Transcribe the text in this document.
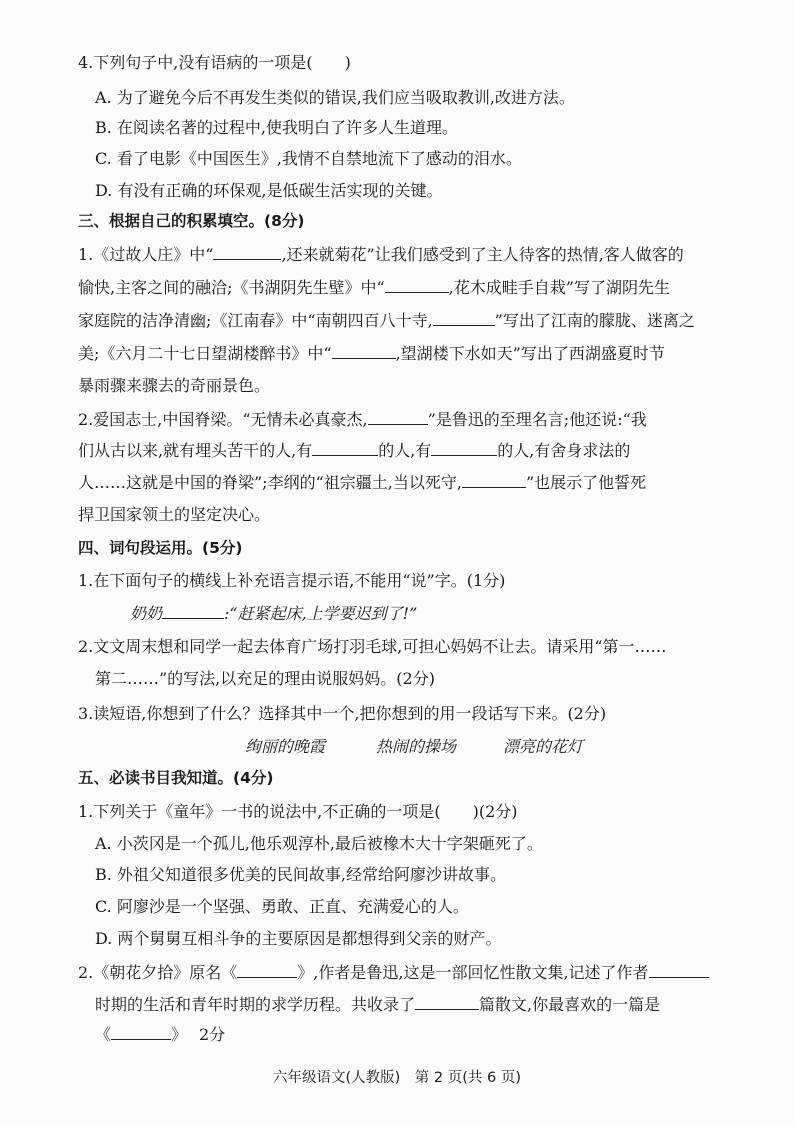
4.下列句子中,没有语病的一项是(　　)
A. 为了避免今后不再发生类似的错误,我们应当吸取教训,改进方法。
B. 在阅读名著的过程中,使我明白了许多人生道理。
C. 看了电影《中国医生》,我情不自禁地流下了感动的泪水。
D. 有没有正确的环保观,是低碳生活实现的关键。
三、根据自己的积累填空。(8分)
1.《过故人庄》中“	,还来就菊花”让我们感受到了主人待客的热情,客人做客的
愉快,主客之间的融洽;《书湖阴先生壁》中“	,花木成畦手自栽”写了湖阴先生
家庭院的洁净清幽;《江南春》中“南朝四百八十寺,	”写出了江南的朦胧、迷离之
美;《六月二十七日望湖楼醉书》中“	,望湖楼下水如天”写出了西湖盛夏时节
暴雨骤来骤去的奇丽景色。
2.爱国志士,中国脊梁。“无情未必真豪杰,	”是鲁迅的至理名言;他还说:“我
们从古以来,就有埋头苦干的人,有	的人,有	的人,有舍身求法的
人……这就是中国的脊梁”;李纲的“祖宗疆土,当以死守,	”也展示了他誓死
捍卫国家领土的坚定决心。
四、词句段运用。(5分)
1.在下面句子的横线上补充语言提示语,不能用“说”字。(1分)
奶奶	:“赶紧起床,上学要迟到了!”
2.文文周末想和同学一起去体育广场打羽毛球,可担心妈妈不让去。请采用“第一……
第二……”的写法,以充足的理由说服妈妈。(2分)
3.读短语,你想到了什么？选择其中一个,把你想到的用一段话写下来。(2分)
绚丽的晚霞	热闹的操场	漂亮的花灯
五、必读书目我知道。(4分)
1.下列关于《童年》一书的说法中,不正确的一项是(　　)(2分)
A. 小茨冈是一个孤儿,他乐观淳朴,最后被橡木大十字架砸死了。
B. 外祖父知道很多优美的民间故事,经常给阿廖沙讲故事。
C. 阿廖沙是一个坚强、勇敢、正直、充满爱心的人。
D. 两个舅舅互相斗争的主要原因是都想得到父亲的财产。
2.《朝花夕拾》原名《	》,作者是鲁迅,这是一部回忆性散文集,记述了作者
时期的生活和青年时期的求学历程。共收录了	篇散文,你最喜欢的一篇是
《	》 2分
六年级语文(人教版)　第 2 页(共 6 页)
